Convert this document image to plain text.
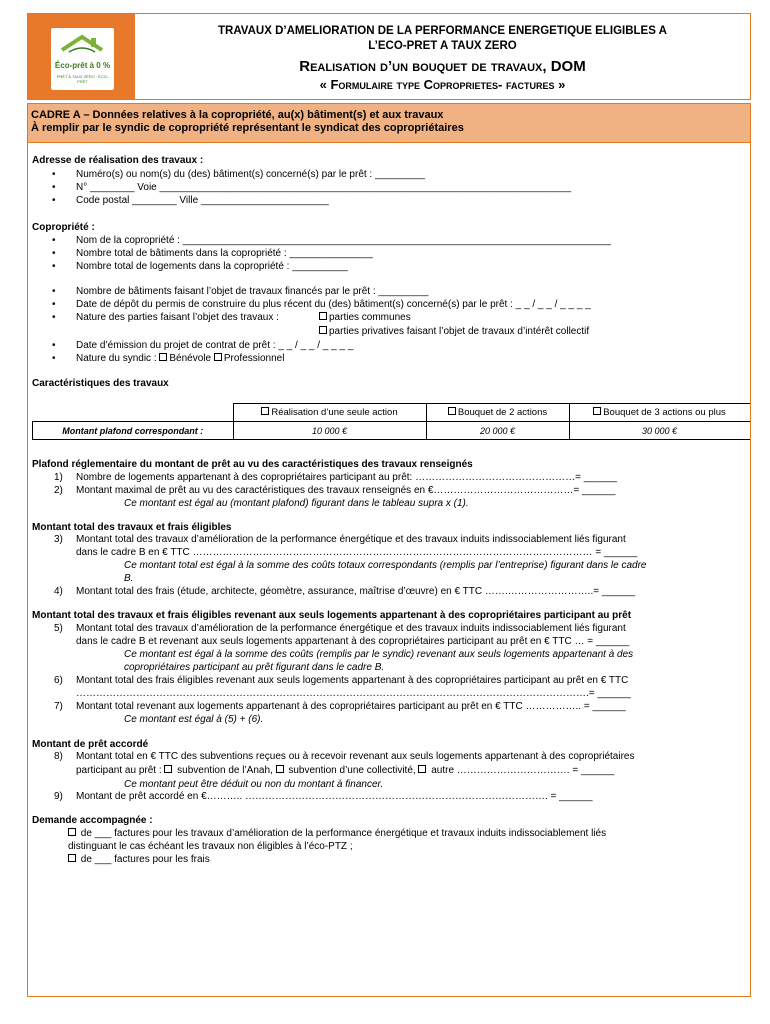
Éco-prêt à 0 %
PRÊT À TAUX ZÉRO · ÉCO-PRÊT
TRAVAUX D’AMELIORATION DE LA PERFORMANCE ENERGETIQUE ELIGIBLES A
L’ECO-PRET A TAUX ZERO
Realisation d’un bouquet de travaux, DOM
« Formulaire type Coproprietes- factures »
CADRE A – Données relatives à la copropriété, au(x) bâtiment(s) et aux travaux
À remplir par le syndic de copropriété représentant le syndicat des copropriétaires
Adresse de réalisation des travaux :
• Numéro(s) ou nom(s) du (des) bâtiment(s) concerné(s) par le prêt : _________
• N° ________ Voie __________________________________________________________________________
• Code postal ________ Ville _______________________
Copropriété :
• Nom de la copropriété : _____________________________________________________________________________
• Nombre total de bâtiments dans la copropriété : _______________
• Nombre total de logements dans la copropriété : __________
• Nombre de bâtiments faisant l’objet de travaux financés par le prêt : _________
• Date de dépôt du permis de construire du plus récent du (des) bâtiment(s) concerné(s) par le prêt : _ _ / _ _ / _ _ _ _
• Nature des parties faisant l’objet des travaux :	parties communes
parties privatives faisant l’objet de travaux d’intérêt collectif
• Date d’émission du projet de contrat de prêt : _ _ / _ _ / _ _ _ _
• Nature du syndic : Bénévole Professionnel
Caractéristiques des travaux
	Réalisation d’une seule action	Bouquet de 2 actions	Bouquet de 3 actions ou plus
Montant plafond correspondant :	10 000 €	20 000 €	30 000 €
Plafond réglementaire du montant de prêt au vu des caractéristiques des travaux renseignés
1) Nombre de logements appartenant à des copropriétaires participant au prêt: …………………………………………= ______
2) Montant maximal de prêt au vu des caractéristiques des travaux renseignés en €……………………………………= ______
Ce montant est égal au (montant plafond) figurant dans le tableau supra x (1).
Montant total des travaux et frais éligibles
3) Montant total des travaux d’amélioration de la performance énergétique et des travaux induits indissociablement liés figurant
dans le cadre B en € TTC ………………………………………………………………………………………………………… = ______
Ce montant total est égal à la somme des coûts totaux correspondants (remplis par l’entreprise) figurant dans le cadre
B.
4) Montant total des frais (étude, architecte, géomètre, assurance, maîtrise d’œuvre) en € TTC …….……………………..= ______
Montant total des travaux et frais éligibles revenant aux seuls logements appartenant à des copropriétaires participant au prêt
5) Montant total des travaux d’amélioration de la performance énergétique et des travaux induits indissociablement liés figurant
dans le cadre B et revenant aux seuls logements appartenant à des copropriétaires participant au prêt en € TTC … = ______
Ce montant est égal à la somme des coûts (remplis par le syndic) revenant aux seuls logements appartenant à des
copropriétaires participant au prêt figurant dans le cadre B.
6) Montant total des frais éligibles revenant aux seuls logements appartenant à des copropriétaires participant au prêt en € TTC
……………………………………………………………………………………………………………………………………….= ______
7) Montant total revenant aux logements appartenant à des copropriétaires participant au prêt en € TTC …………….. = ______
Ce montant est égal à (5) + (6).
Montant de prêt accordé
8) Montant total en € TTC des subventions reçues ou à recevoir revenant aux seuls logements appartenant à des copropriétaires
participant au prêt : subvention de l’Anah, subvention d’une collectivité, autre ……………………………. = ______
Ce montant peut être déduit ou non du montant à financer.
9) Montant de prêt accordé en €……….. ………………………………………………………………………………. = ______
Demande accompagnée :
de ___ factures pour les travaux d’amélioration de la performance énergétique et travaux induits indissociablement liés
distinguant le cas échéant les travaux non éligibles à l’éco-PTZ ;
de ___ factures pour les frais
